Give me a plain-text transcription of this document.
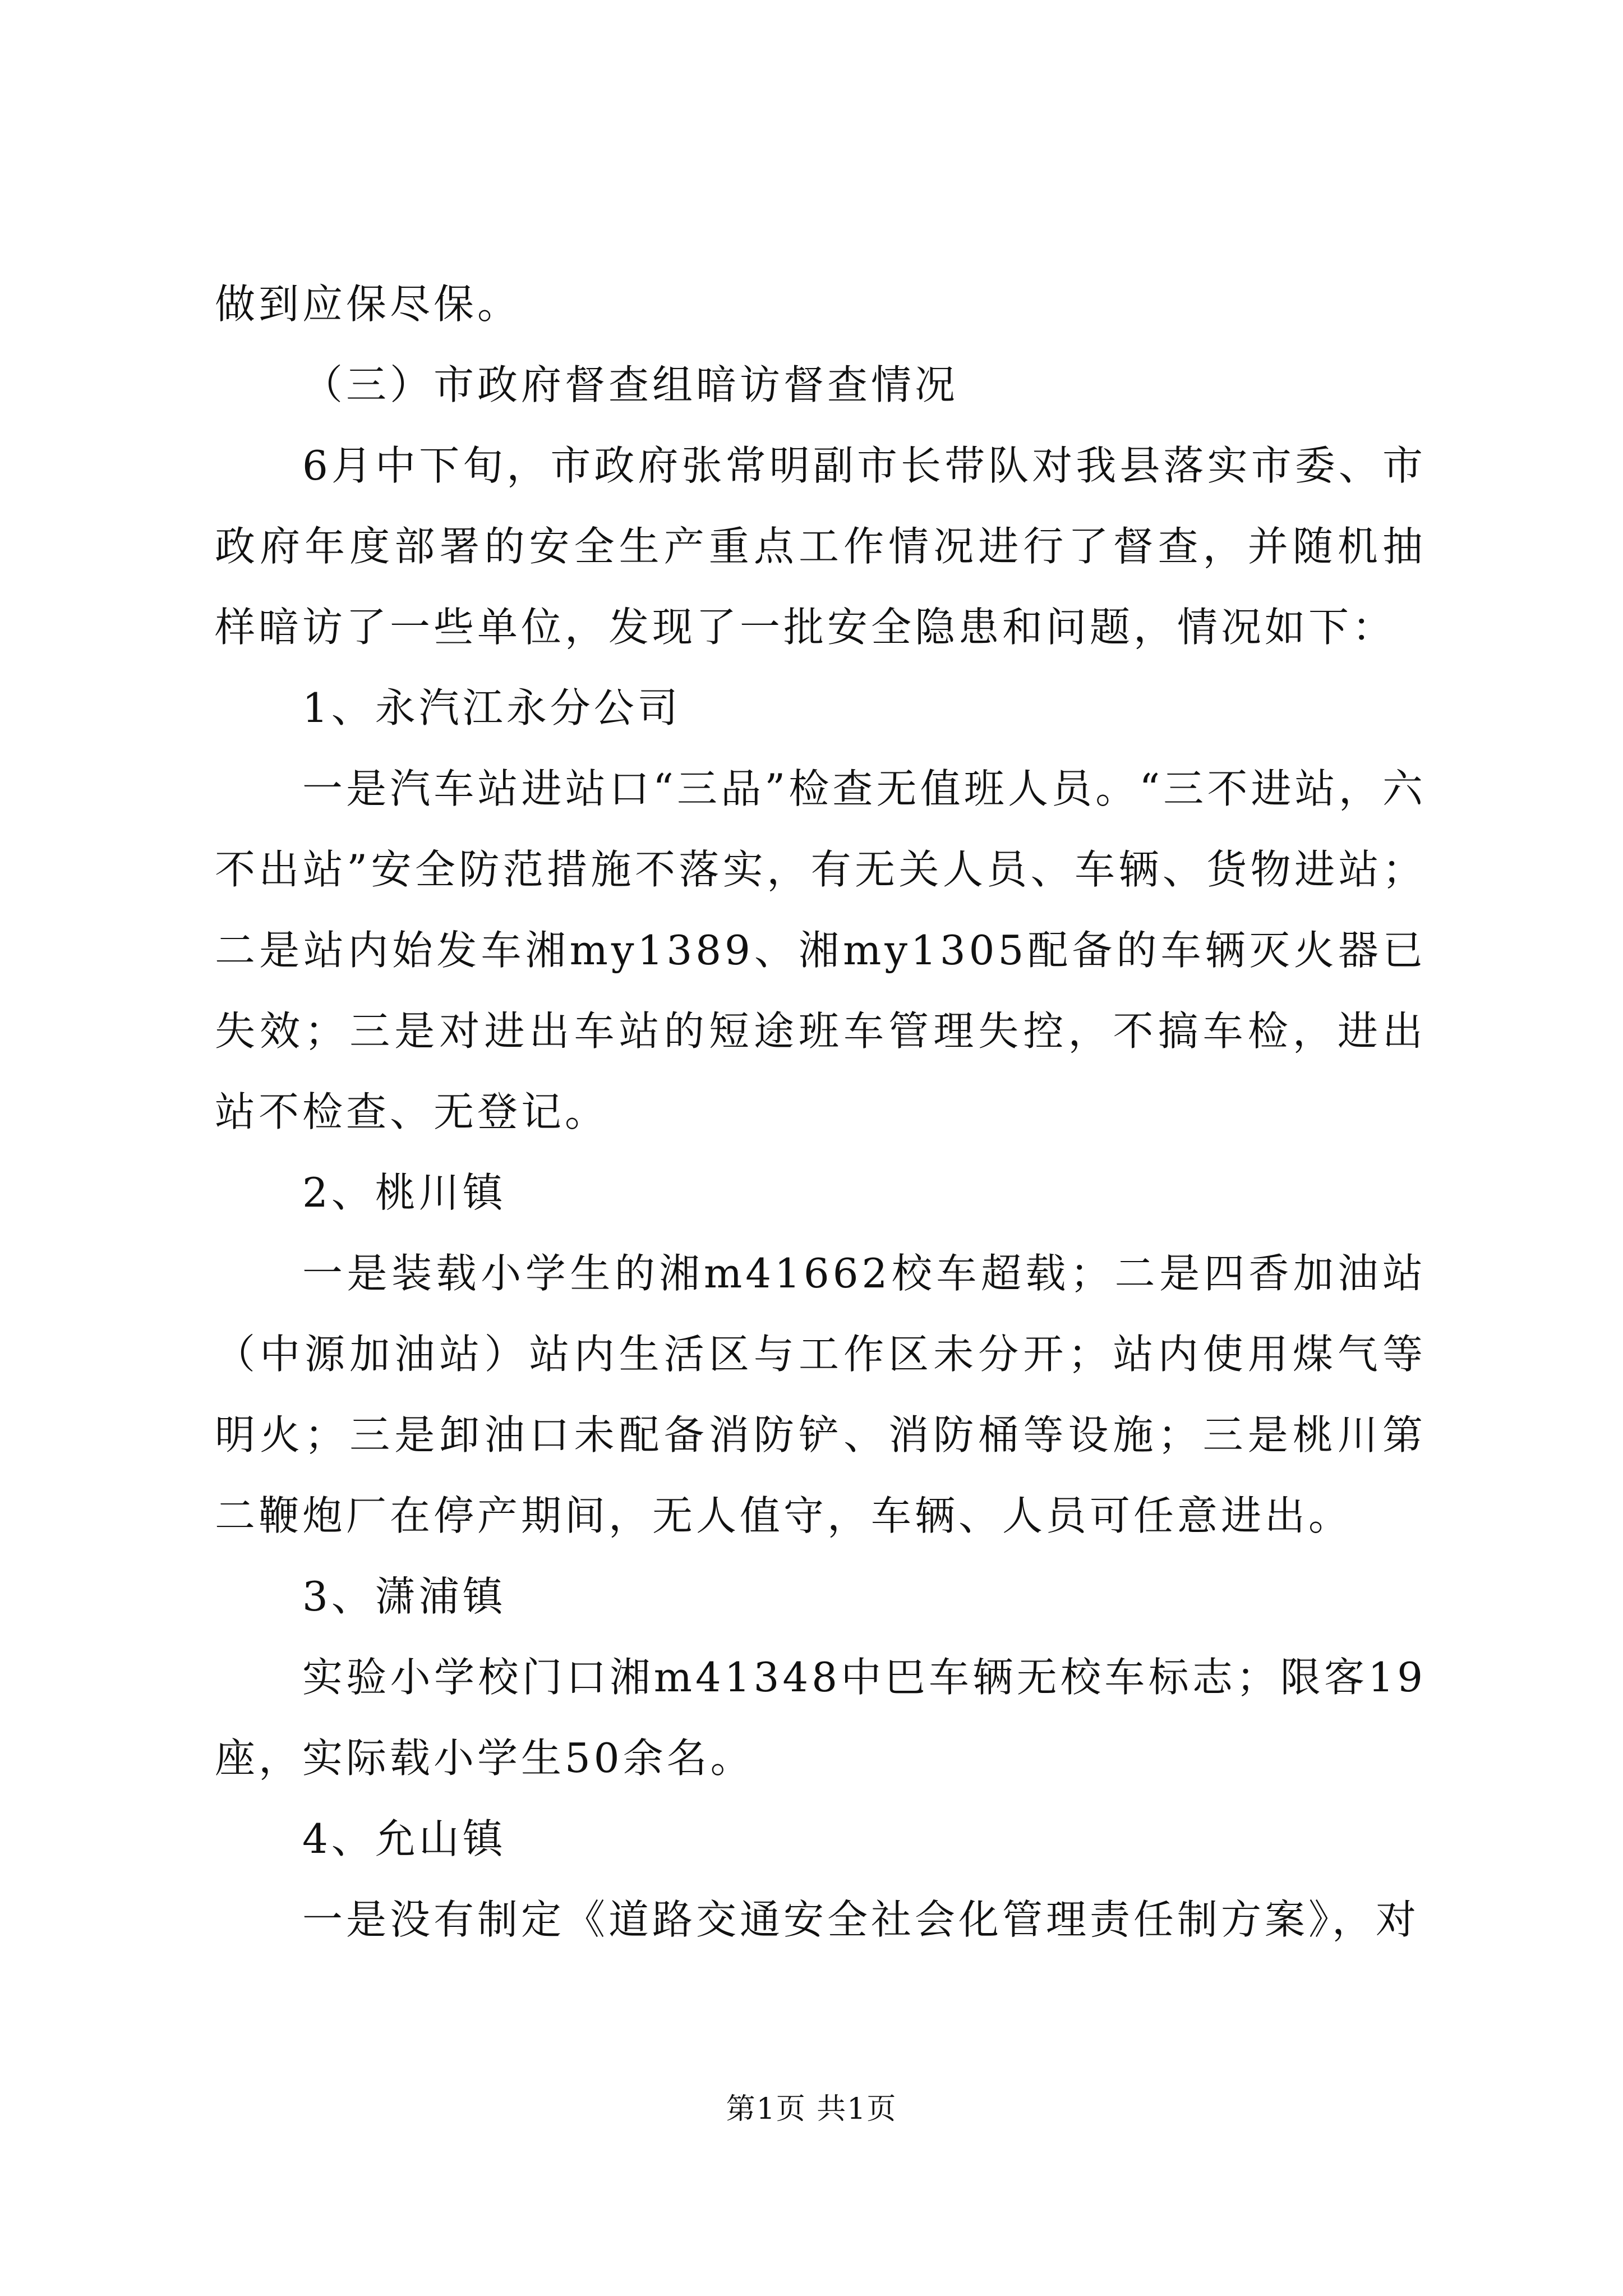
做到应保尽保。

（三）市政府督查组暗访督查情况

6月中下旬，市政府张常明副市长带队对我县落实市委、市政府年度部署的安全生产重点工作情况进行了督查，并随机抽样暗访了一些单位，发现了一批安全隐患和问题，情况如下：

1、永汽江永分公司

一是汽车站进站口“三品”检查无值班人员。“三不进站，六不出站”安全防范措施不落实，有无关人员、车辆、货物进站；二是站内始发车湘my1389、湘my1305配备的车辆灭火器已失效；三是对进出车站的短途班车管理失控，不搞车检，进出站不检查、无登记。

2、桃川镇

一是装载小学生的湘m41662校车超载；二是四香加油站（中源加油站）站内生活区与工作区未分开；站内使用煤气等明火；三是卸油口未配备消防铲、消防桶等设施；三是桃川第二鞭炮厂在停产期间，无人值守，车辆、人员可任意进出。

3、潇浦镇

实验小学校门口湘m41348中巴车辆无校车标志；限客19座，实际载小学生50余名。

4、允山镇

一是没有制定《道路交通安全社会化管理责任制方案》，对

第1页 共1页
